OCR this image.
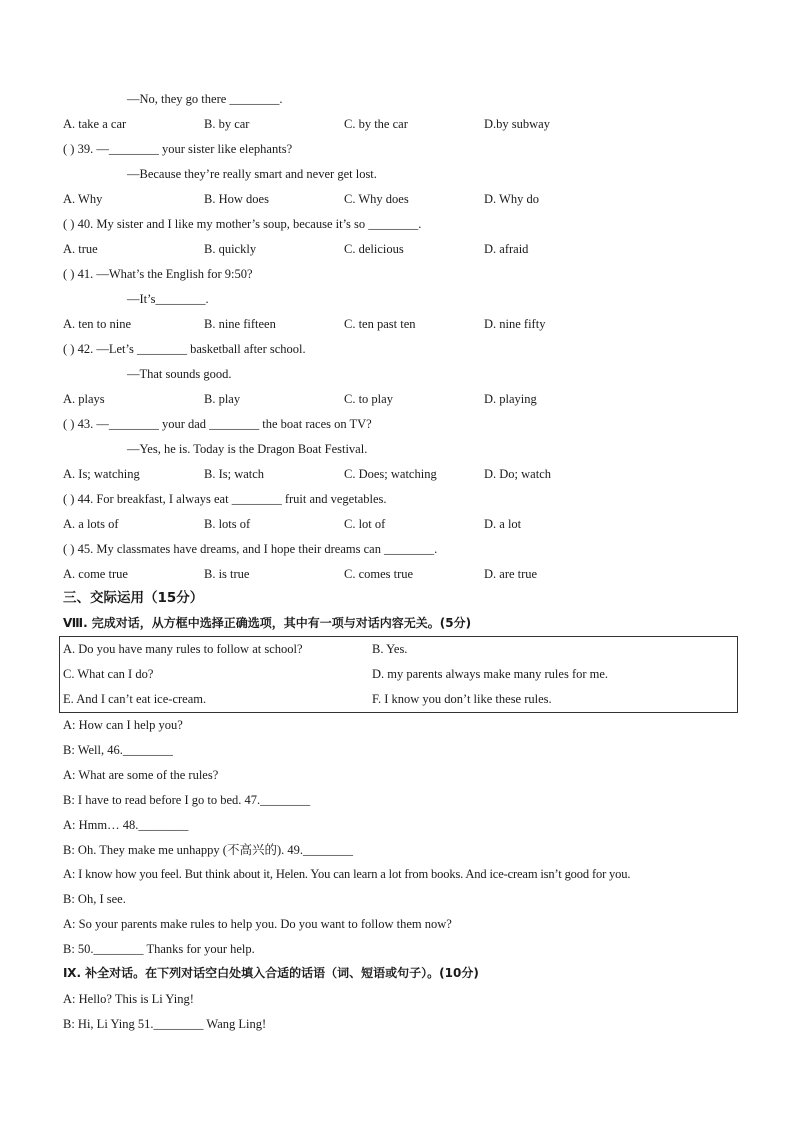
—No, they go there ________.
A. take a car	B. by car	C. by the car	D.by subway
( ) 39. —________ your sister like elephants?
—Because they’re really smart and never get lost.
A. Why	B. How does	C. Why does	D. Why do
( ) 40. My sister and I like my mother’s soup, because it’s so ________.
A. true	B. quickly	C. delicious	D. afraid
( ) 41. —What’s the English for 9:50?
—It’s________.
A. ten to nine	B. nine fifteen	C. ten past ten	D. nine fifty
( ) 42. —Let’s ________ basketball after school.
—That sounds good.
A. plays	B. play	C. to play	D. playing
( ) 43. —________ your dad ________ the boat races on TV?
—Yes, he is. Today is the Dragon Boat Festival.
A. Is; watching	B. Is; watch	C. Does; watching	D. Do; watch
( ) 44. For breakfast, I always eat ________ fruit and vegetables.
A. a lots of	B. lots of	C. lot of	D. a lot
( ) 45. My classmates have dreams, and I hope their dreams can ________.
A. come true	B. is true	C. comes true	D. are true
三、交际运用（15分）
Ⅷ. 完成对话，从方框中选择正确选项，其中有一项与对话内容无关。(5分)
A. Do you have many rules to follow at school?	B. Yes.
C. What can I do?	D. my parents always make many rules for me.
E. And I can’t eat ice-cream.	F. I know you don’t like these rules.
A: How can I help you?
B: Well, 46.________
A: What are some of the rules?
B: I have to read before I go to bed. 47.________
A: Hmm… 48.________
B: Oh. They make me unhappy (不高兴的). 49.________
A: I know how you feel. But think about it, Helen. You can learn a lot from books. And ice-cream isn’t good for you.
B: Oh, I see.
A: So your parents make rules to help you. Do you want to follow them now?
B: 50.________ Thanks for your help.
Ⅸ. 补全对话。在下列对话空白处填入合适的话语（词、短语或句子）。(10分)
A: Hello? This is Li Ying!
B: Hi, Li Ying 51.________ Wang Ling!
